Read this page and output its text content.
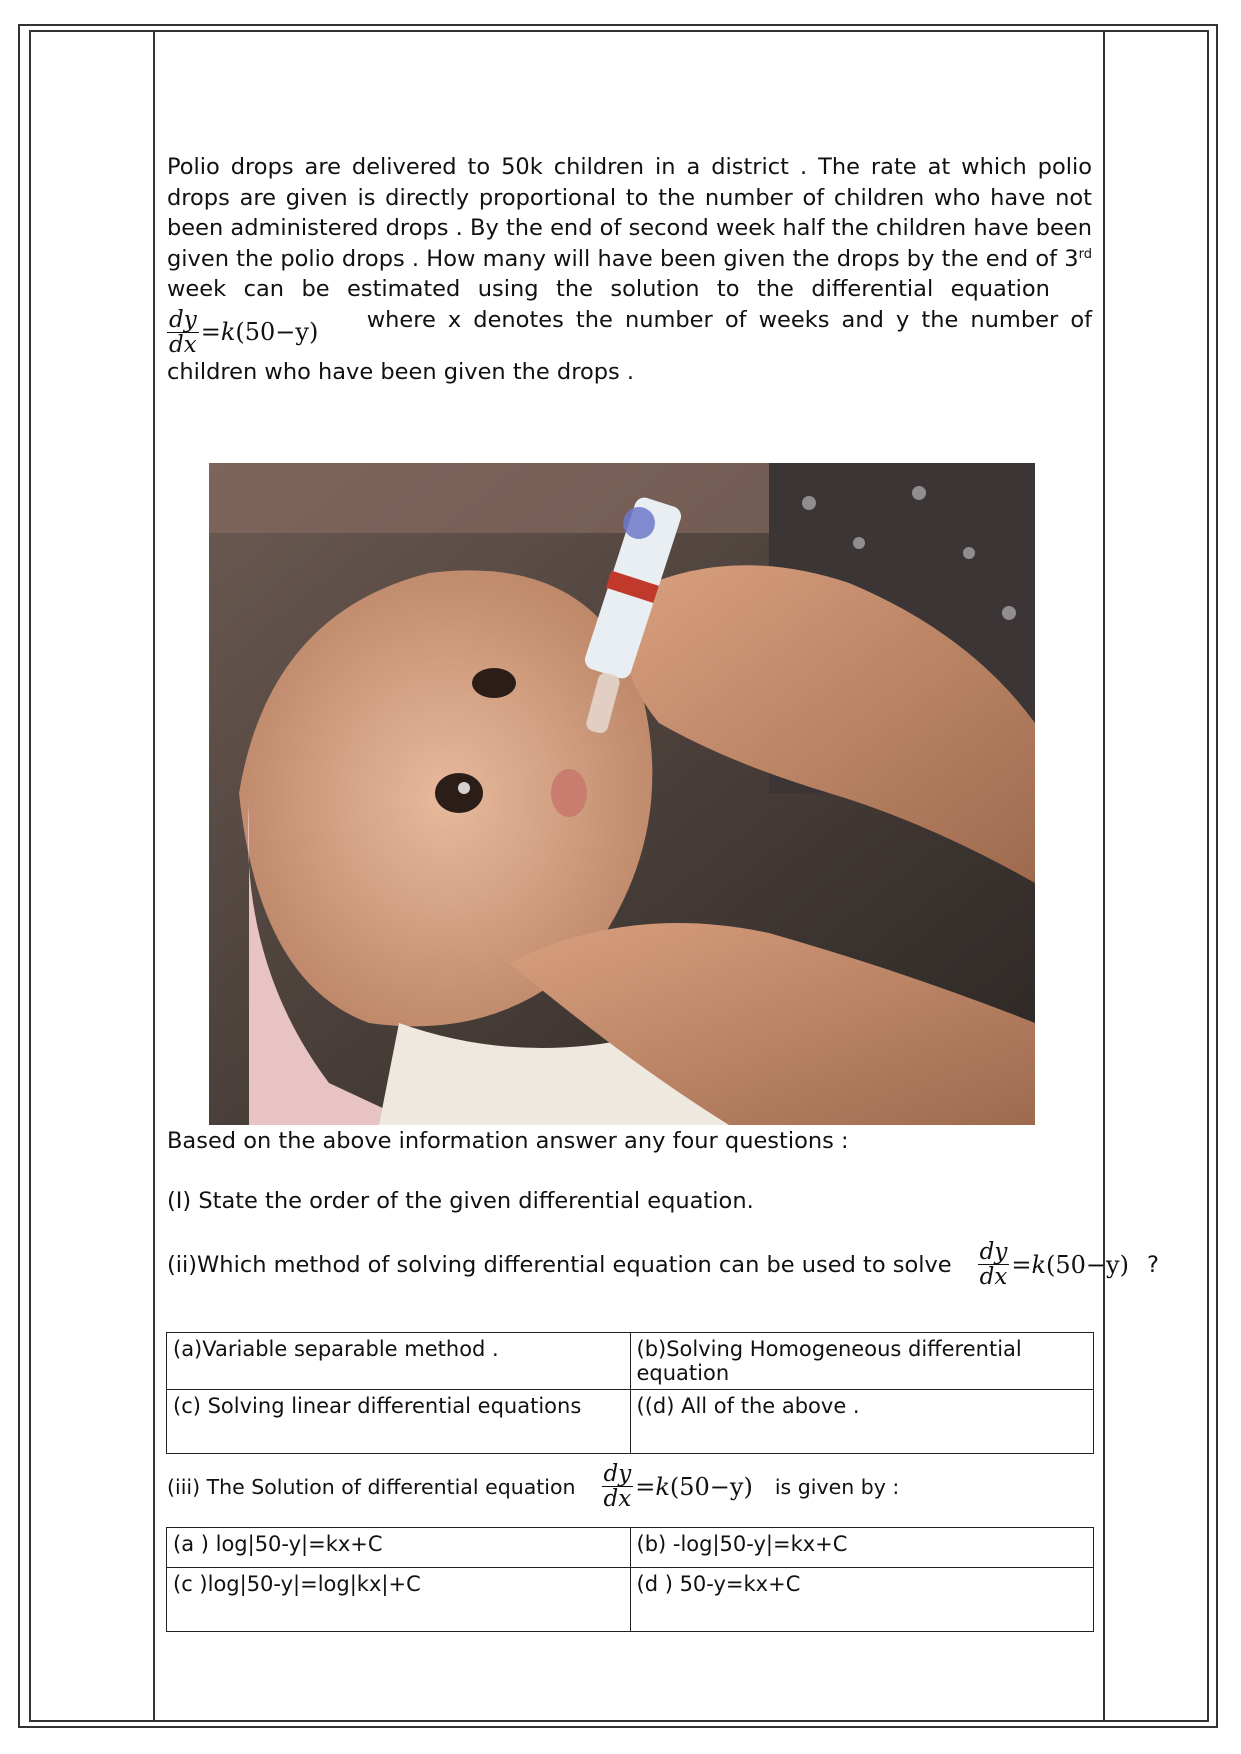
Polio drops are delivered to 50k children in a district . The rate at which polio drops are given is directly proportional to the number of children who have not been administered drops . By the end of second week half the children have been given the polio drops . How many will have been given the drops by the end of 3rd week can be estimated using the solution to the differential equation
$\frac{dy}{dx} =k(50-y)$ where x denotes the number of weeks and y the number of children who have been given the drops .
Based on the above information answer any four questions :
(I) State the order of the given differential equation.
(ii)Which method of solving differential equation can be used to solve $\frac{dy}{dx} =k(50-y)$ ?
(a)Variable separable method .	(b)Solving Homogeneous differential equation
(c) Solving linear differential equations	((d) All of the above .
(iii) The Solution of differential equation $\frac{dy}{dx} =k(50-y)$ is given by :
(a ) log|50-y|=kx+C	(b) -log|50-y|=kx+C
(c )log|50-y|=log|kx|+C	(d ) 50-y=kx+C
